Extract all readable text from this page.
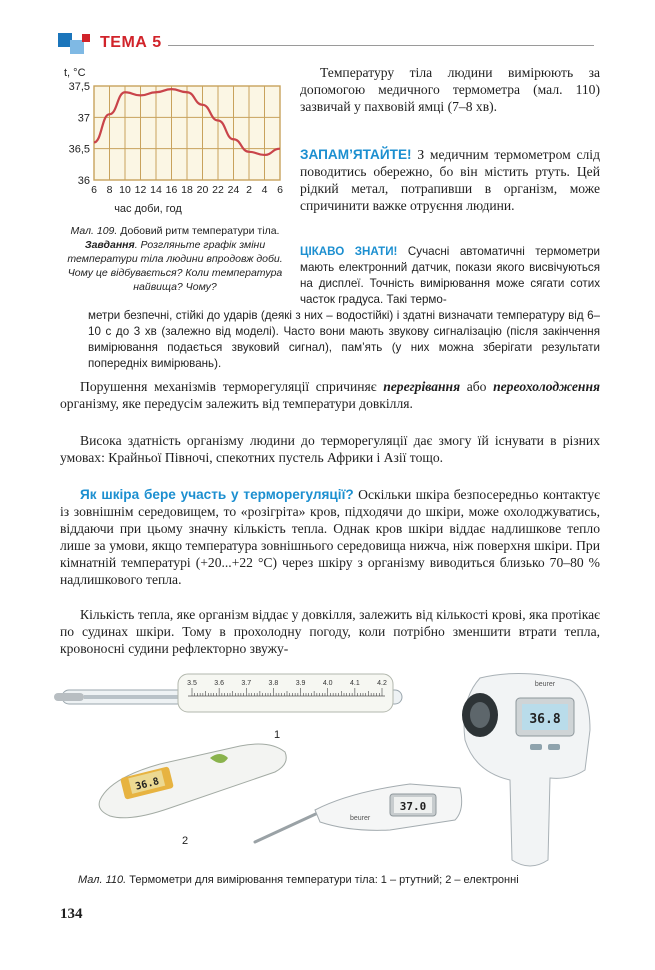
ТЕМА 5
t, °C
37,5
37
36,5
36
6 8 10 12 14 16 18 20 22 24 2 4 6
час доби, год
Мал. 109. Добовий ритм температури тіла. Завдання. Розгляньте графік зміни температури тіла людини впродовж доби. Чому це відбувається? Коли температура найвища? Чому?
Температуру тіла людини вимірюють за допомогою медичного термометра (мал. 110) зазвичай у пахвовій ямці (7–8 хв).
ЗАПАМ’ЯТАЙТЕ! З медичним термометром слід поводитись обережно, бо він містить ртуть. Цей рідкий метал, потрапивши в організм, може спричинити важке отруєння людини.
ЦІКАВО ЗНАТИ! Сучасні автоматичні термометри мають електронний датчик, покази якого висвічуються на дисплеї. Точність вимірювання може сягати сотих часток градуса. Такі термо-
метри безпечні, стійкі до ударів (деякі з них – водостійкі) і здатні визначати температуру від 6–10 с до 3 хв (залежно від моделі). Часто вони мають звукову сигналізацію (після закінчення вимірювання подається звуковий сигнал), пам’ять (у них можна зберігати результати попередніх вимірювань).
Порушення механізмів терморегуляції спричиняє перегрівання або переохолодження організму, яке передусім залежить від температури довкілля.
Висока здатність організму людини до терморегуляції дає змогу їй існувати в різних умовах: Крайньої Півночі, спекотних пустель Африки і Азії тощо.
Як шкіра бере участь у терморегуляції? Оскільки шкіра безпосередньо контактує із зовнішнім середовищем, то «розігріта» кров, підходячи до шкіри, може охолоджуватись, віддаючи при цьому значну кількість тепла. Однак кров шкіри віддає надлишкове тепло лише за умови, якщо температура зовнішнього середовища нижча, ніж поверхня шкіри. При кімнатній температурі (+20...+22 °С) через шкіру з організму виводиться близько 70–80 % надлишкового тепла.
Кількість тепла, яке організм віддає у довкілля, залежить від кількості крові, яка протікає по судинах шкіри. Тому в прохолодну погоду, коли потрібно зменшити втрати тепла, кровоносні судини рефлекторно звужу-
3.5 3.6 3.7 3.8 3.9 4.0 4.1 4.2
1
36.8
beurer
36.8
2
37.0
beurer
Мал. 110. Термометри для вимірювання температури тіла: 1 – ртутний; 2 – електронні
134
